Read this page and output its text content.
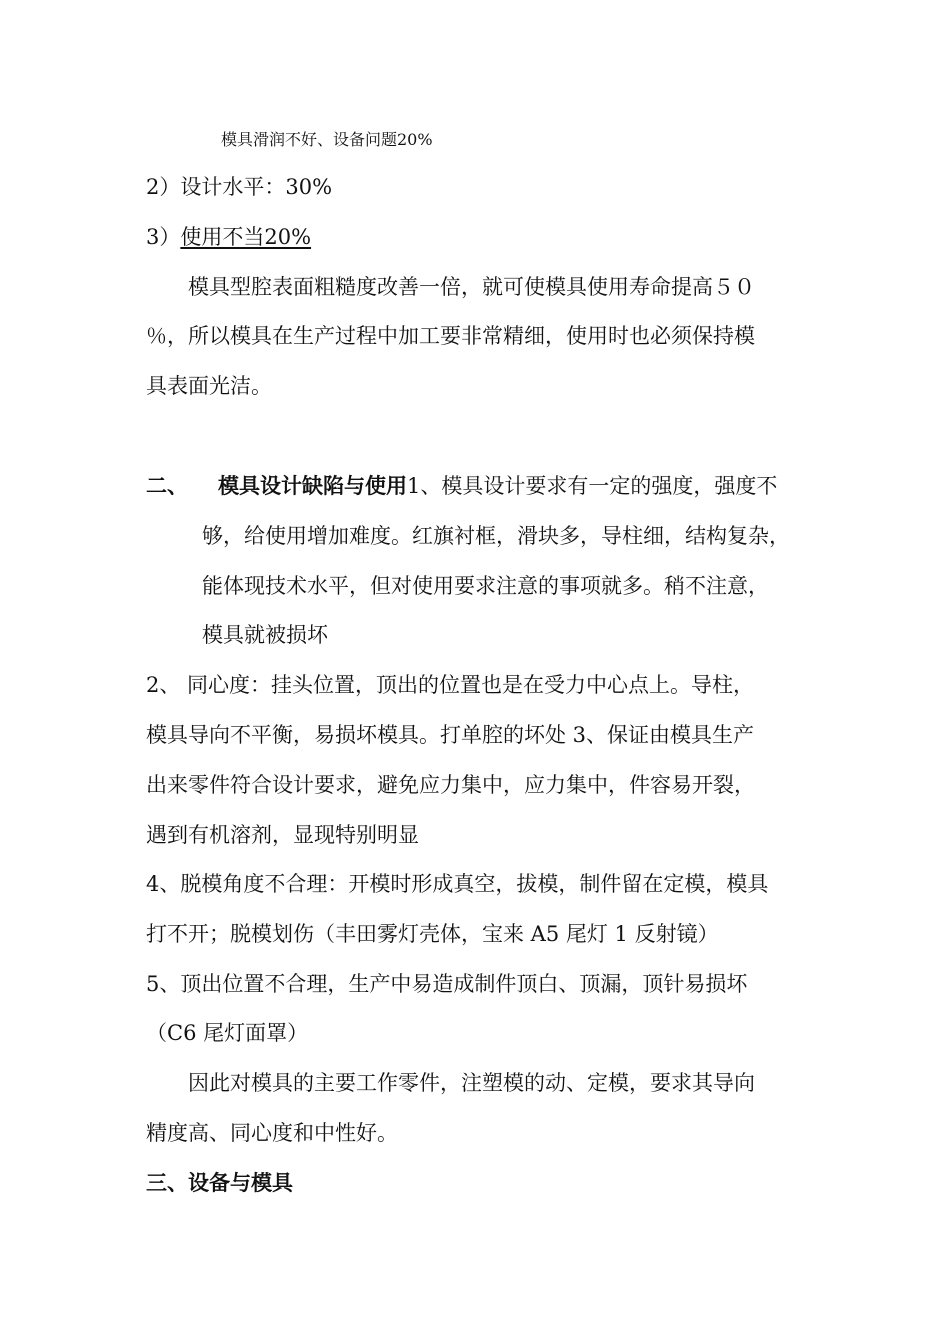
模具滑润不好、设备问题20%
2）设计水平：30%
3）使用不当20%
模具型腔表面粗糙度改善一倍，就可使模具使用寿命提高５０
％，所以模具在生产过程中加工要非常精细，使用时也必须保持模
具表面光洁。
二、 模具设计缺陷与使用1、模具设计要求有一定的强度，强度不
够，给使用增加难度。红旗衬框，滑块多，导柱细，结构复杂，
能体现技术水平，但对使用要求注意的事项就多。稍不注意，
模具就被损坏
2、 同心度：挂头位置，顶出的位置也是在受力中心点上。导柱，
模具导向不平衡，易损坏模具。打单腔的坏处 3、保证由模具生产
出来零件符合设计要求，避免应力集中，应力集中，件容易开裂，
遇到有机溶剂，显现特别明显
4、脱模角度不合理：开模时形成真空，拔模，制件留在定模，模具
打不开；脱模划伤（丰田雾灯壳体，宝来 A5 尾灯 1 反射镜）
5、顶出位置不合理，生产中易造成制件顶白、顶漏，顶针易损坏
（C6 尾灯面罩）
因此对模具的主要工作零件，注塑模的动、定模，要求其导向
精度高、同心度和中性好。
三、设备与模具
